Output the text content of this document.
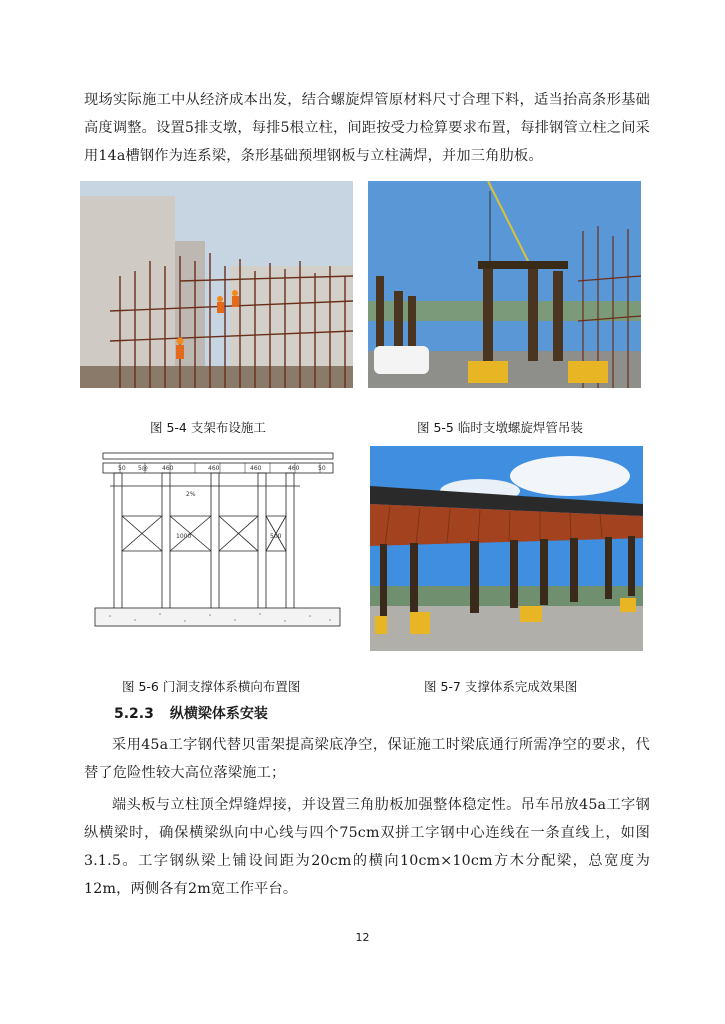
现场实际施工中从经济成本出发，结合螺旋焊管原材料尺寸合理下料，适当抬高条形基础高度调整。设置5排支墩，每排5根立柱，间距按受力检算要求布置，每排钢管立柱之间采用14a槽钢作为连系梁，条形基础预埋钢板与立柱满焊，并加三角肋板。

图 5-4 支架布设施工	图 5-5 临时支墩螺旋焊管吊装
50 5@ 460	460	460	460	50
2%
1000	500
图 5-6 门洞支撑体系横向布置图	图 5-7 支撑体系完成效果图
5.2.3 纵横梁体系安装

采用45a工字钢代替贝雷架提高梁底净空，保证施工时梁底通行所需净空的要求，代替了危险性较大高位落梁施工；

端头板与立柱顶全焊缝焊接，并设置三角肋板加强整体稳定性。吊车吊放45a工字钢纵横梁时，确保横梁纵向中心线与四个75cm双拼工字钢中心连线在一条直线上，如图3.1.5。工字钢纵梁上铺设间距为20cm的横向10cm×10cm方木分配梁，总宽度为12m，两侧各有2m宽工作平台。

12
